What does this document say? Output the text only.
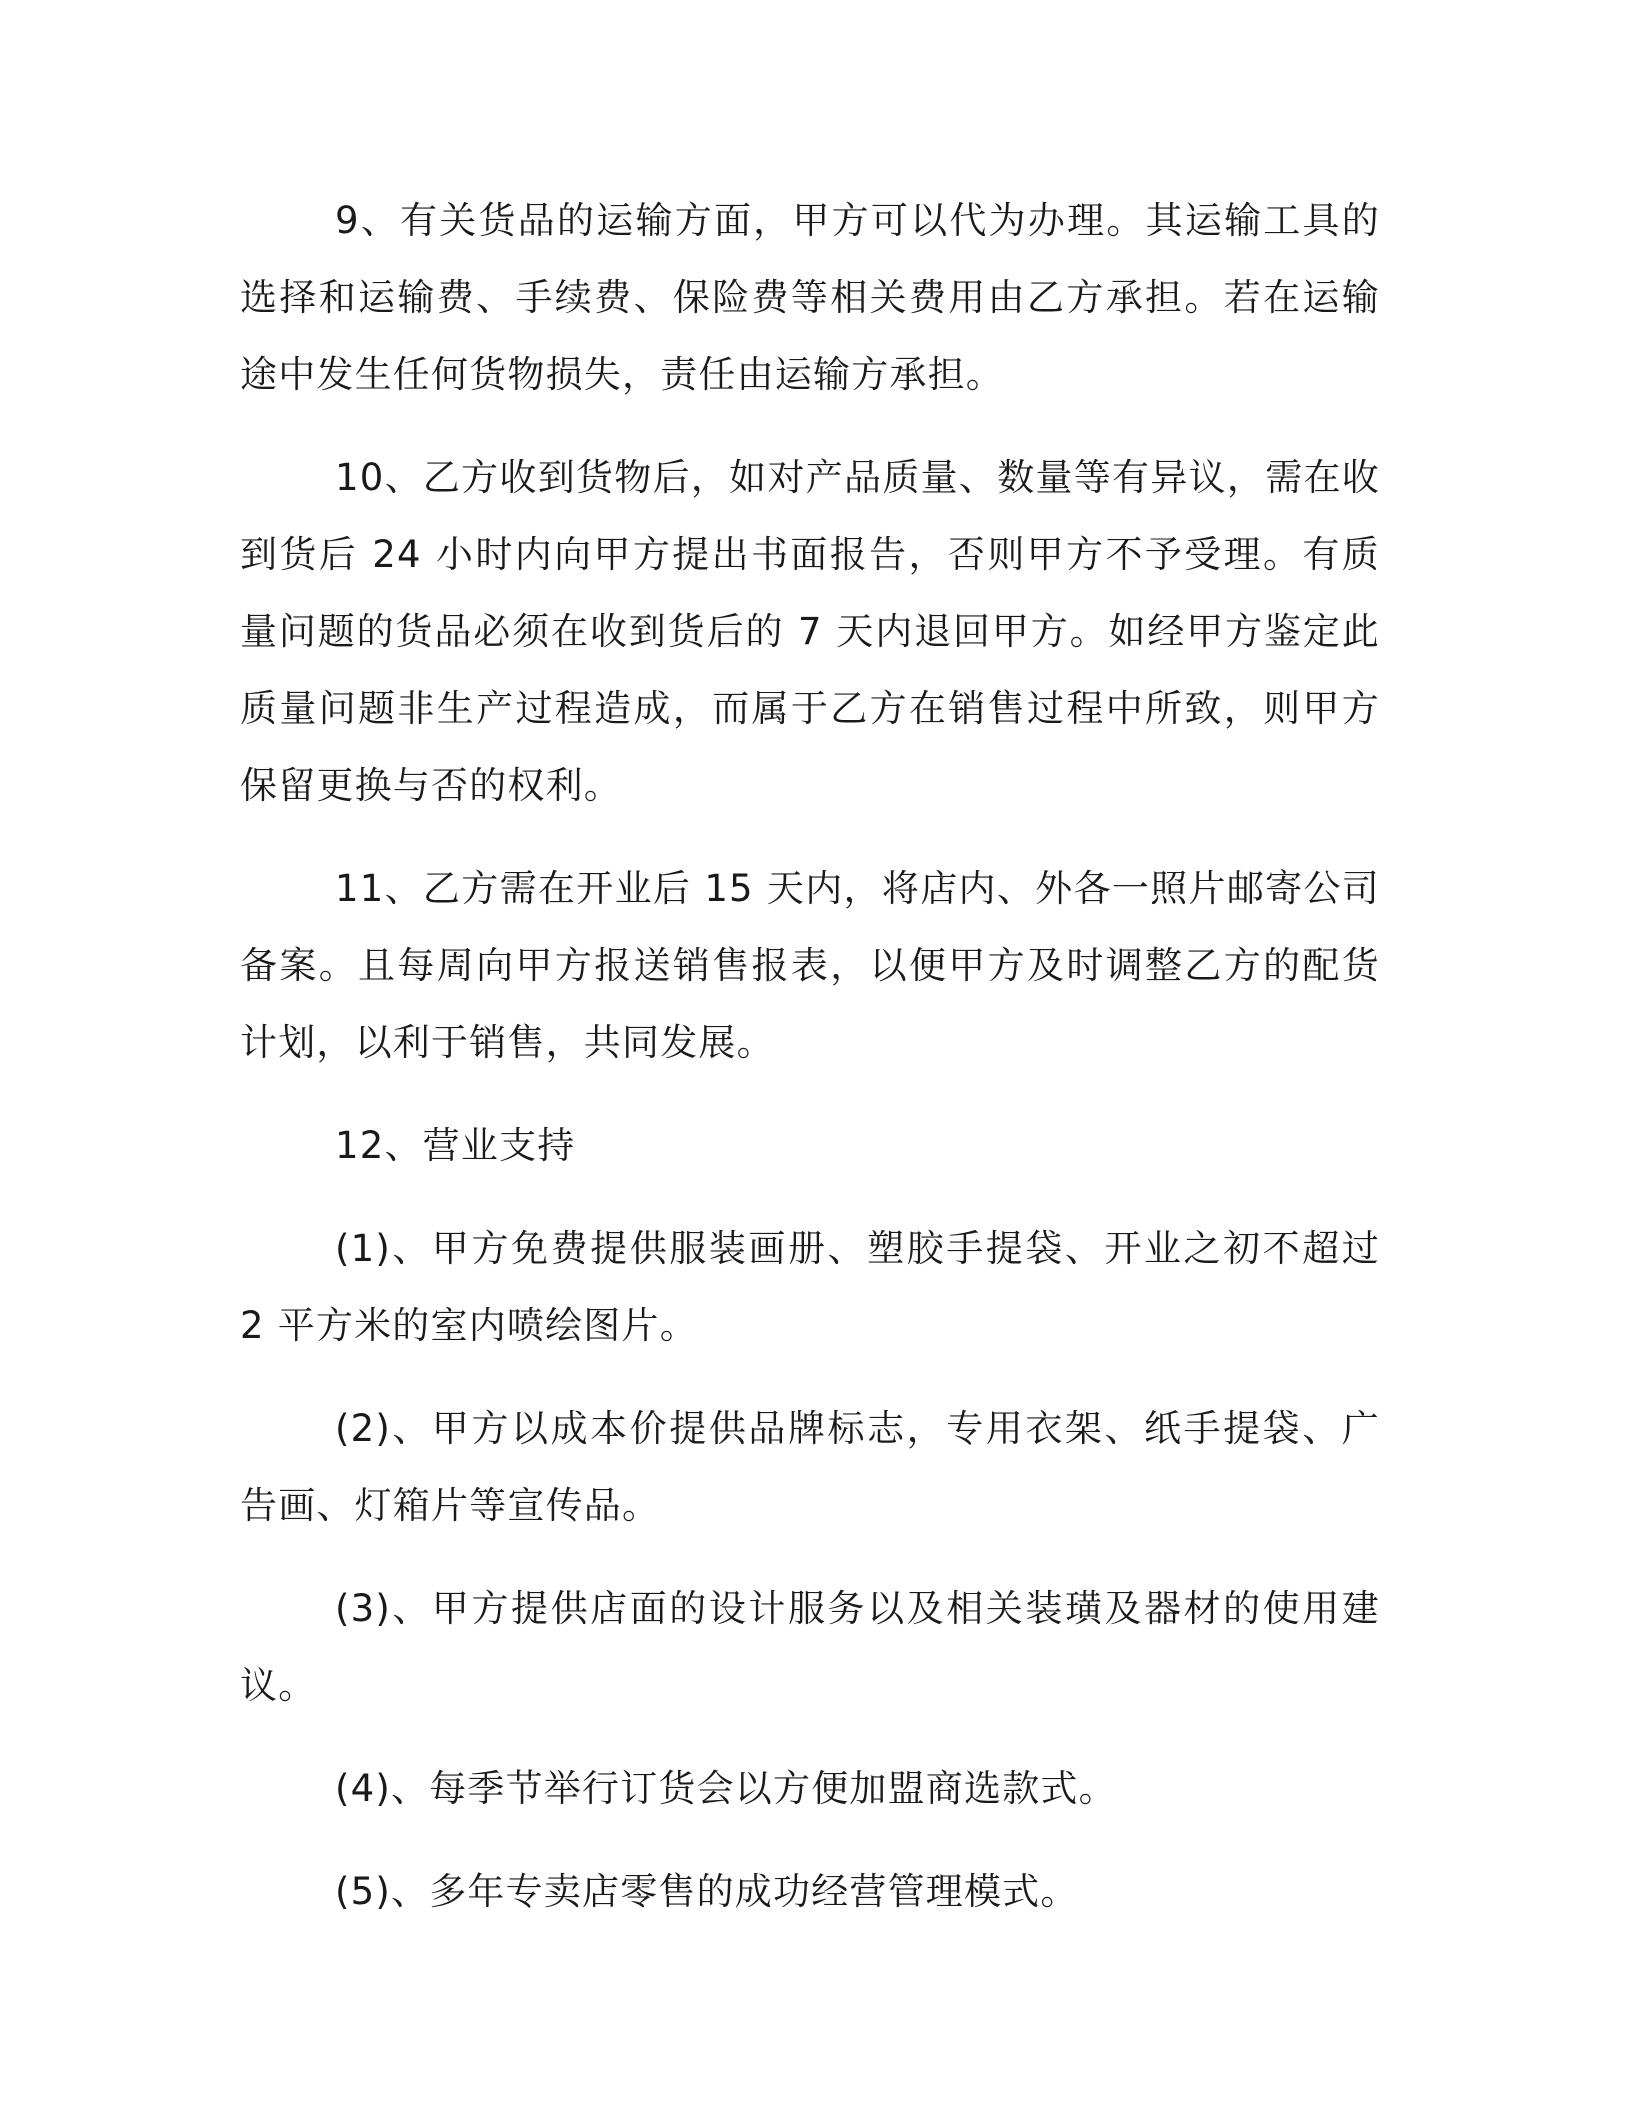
9、有关货品的运输方面，甲方可以代为办理。其运输工具的选择和运输费、手续费、保险费等相关费用由乙方承担。若在运输途中发生任何货物损失，责任由运输方承担。

10、乙方收到货物后，如对产品质量、数量等有异议，需在收到货后 24 小时内向甲方提出书面报告，否则甲方不予受理。有质量问题的货品必须在收到货后的 7 天内退回甲方。如经甲方鉴定此质量问题非生产过程造成，而属于乙方在销售过程中所致，则甲方保留更换与否的权利。

11、乙方需在开业后 15 天内，将店内、外各一照片邮寄公司备案。且每周向甲方报送销售报表，以便甲方及时调整乙方的配货计划，以利于销售，共同发展。

12、营业支持

(1)、甲方免费提供服装画册、塑胶手提袋、开业之初不超过 2 平方米的室内喷绘图片。

(2)、甲方以成本价提供品牌标志，专用衣架、纸手提袋、广告画、灯箱片等宣传品。

(3)、甲方提供店面的设计服务以及相关装璜及器材的使用建议。

(4)、每季节举行订货会以方便加盟商选款式。

(5)、多年专卖店零售的成功经营管理模式。
